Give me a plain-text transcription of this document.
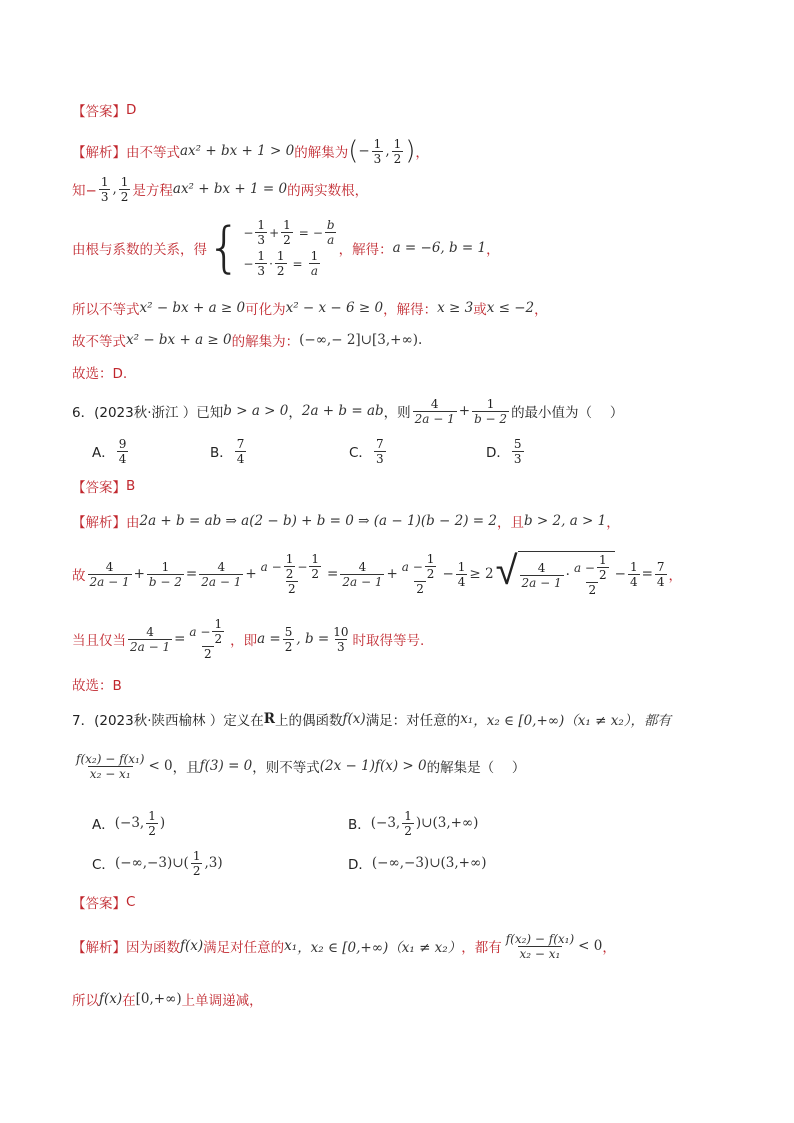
【答案】 D
【解析】 由不等式 ax² + bx + 1 > 0 的解集为 ( − $\frac{1}{3}$ , $\frac{1}{2}$ ) ，
知− $\frac{1}{3}$ , $\frac{1}{2}$ 是方程 ax² + bx + 1 = 0 的两实数根，
由根与系数的关系，得 { − $\frac{1}{3} + \frac{1}{2}$ = − $\frac{b}{a}$
− $\frac{1}{3} \cdot \frac{1}{2} = \frac{1}{a}$ ，解得： a = −6, b = 1 ，
所以不等式 x² − bx + a ≥ 0 可化为 x² − x − 6 ≥ 0 ，解得： x ≥ 3 或 x ≤ −2 ，
故不等式 x² − bx + a ≥ 0 的解集为： (−∞,− 2]∪[3,+∞).
故选：D.
6．(2023秋·浙江 ）已知 b > a > 0 ， 2a + b = ab ，则 $\frac{4}{2a - 1} + \frac{1}{b - 2}$ 的最小值为（　 ）
A． $\frac{9}{4}$	B． $\frac{7}{4}$	C． $\frac{7}{3}$	D． $\frac{5}{3}$
【答案】 B
【解析】 由 2a + b = ab ⇒ a(2 − b) + b = 0 ⇒ (a − 1)(b − 2) = 2 ，且 b > 2, a > 1 ，
故 $\frac{4}{2a - 1} + \frac{1}{b - 2} = \frac{4}{2a - 1} + \frac{a - \frac{1}{2} - \frac{1}{2}}{2} = \frac{4}{2a - 1} + \frac{a - \frac{1}{2}}{2} - \frac{1}{4} \ge 2$ √ $\frac{4}{2a - 1} \cdot \frac{a - \frac{1}{2}}{2} - \frac{1}{4} = \frac{7}{4}$ ，
当且仅当 $\frac{4}{2a - 1} = \frac{a - \frac{1}{2}}{2}$ ，即 $a = \frac{5}{2}$ , $b = \frac{10}{3}$ 时取得等号.
故选：B
7．(2023秋·陕西榆林 ）定义在 R 上的偶函数 f(x) 满足：对任意的 x₁ ，x₂ ∈ [0,+∞) （x₁ ≠ x₂），都有
$\frac{\text{f(x₂) − f(x₁)}}{\text{x₂ − x₁}} < 0$ ，且 f(3) = 0 ，则不等式 (2x − 1)f(x) > 0 的解集是（　 ）
A． (−3, $\frac{1}{2}$ )	B． (−3, $\frac{1}{2}$ ) ∪(3,+∞)
C． (−∞,−3)∪( $\frac{1}{2} ,3$)	D． (−∞,−3)∪(3,+∞)
【答案】 C
【解析】 因为函数 f(x) 满足对任意的 x₁ ，x₂ ∈ [0,+∞) （x₁ ≠ x₂） ，都有 $\frac{\text{f(x₂) − f(x₁)}}{\text{x₂ − x₁}} < 0$ ，
所以 f(x) 在 [0,+∞) 上单调递减，
